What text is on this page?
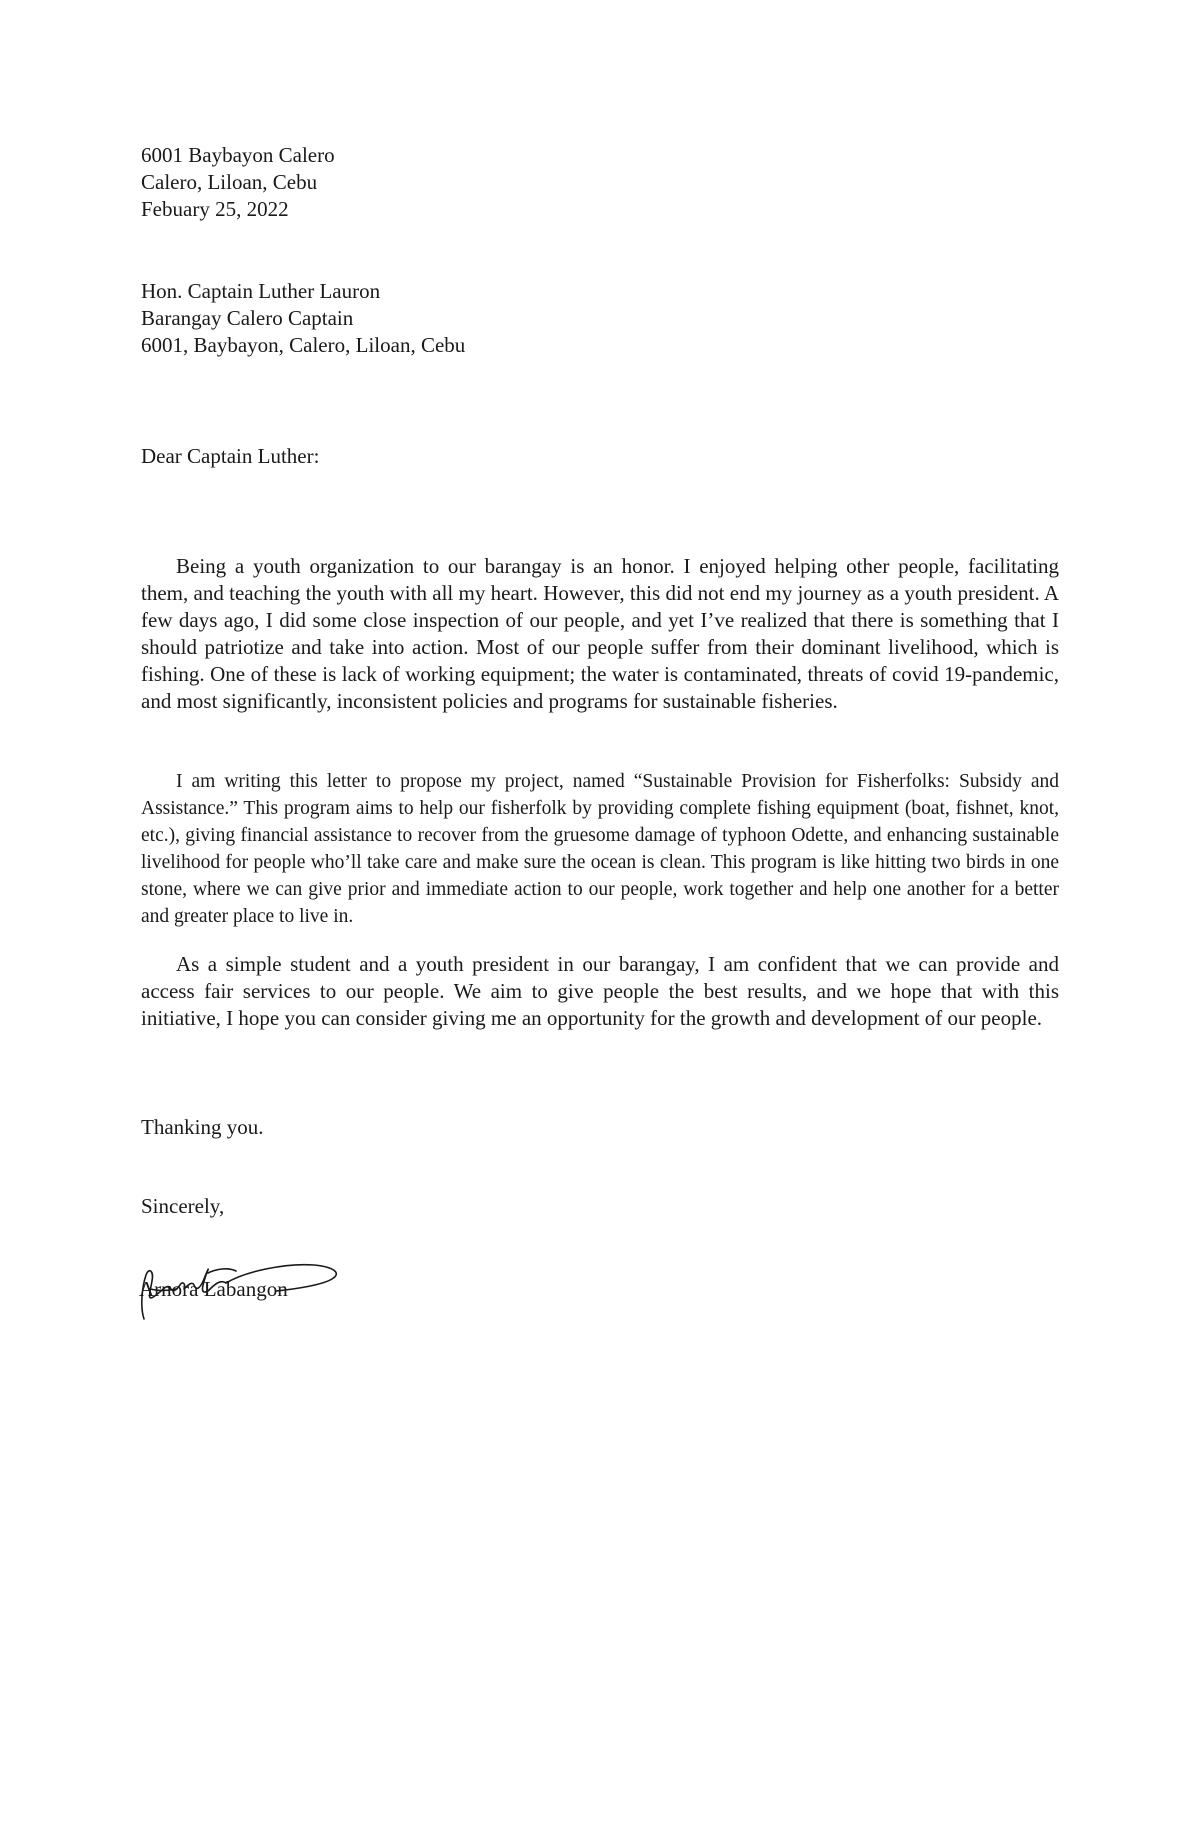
6001 Baybayon Calero
Calero, Liloan, Cebu
Febuary 25, 2022
Hon. Captain Luther Lauron
Barangay Calero Captain
6001, Baybayon, Calero, Liloan, Cebu
Dear Captain Luther:

Being a youth organization to our barangay is an honor. I enjoyed helping other people, facilitating them, and teaching the youth with all my heart. However, this did not end my journey as a youth president. A few days ago, I did some close inspection of our people, and yet I’ve realized that there is something that I should patriotize and take into action. Most of our people suffer from their dominant livelihood, which is fishing. One of these is lack of working equipment; the water is contaminated, threats of covid 19-pandemic, and most significantly, inconsistent policies and programs for sustainable fisheries.

I am writing this letter to propose my project, named “Sustainable Provision for Fisherfolks: Subsidy and Assistance.” This program aims to help our fisherfolk by providing complete fishing equipment (boat, fishnet, knot, etc.), giving financial assistance to recover from the gruesome damage of typhoon Odette, and enhancing sustainable livelihood for people who’ll take care and make sure the ocean is clean. This program is like hitting two birds in one stone, where we can give prior and immediate action to our people, work together and help one another for a better and greater place to live in.

As a simple student and a youth president in our barangay, I am confident that we can provide and access fair services to our people. We aim to give people the best results, and we hope that with this initiative, I hope you can consider giving me an opportunity for the growth and development of our people.

Thanking you.
Sincerely,
Arnora Labangon
